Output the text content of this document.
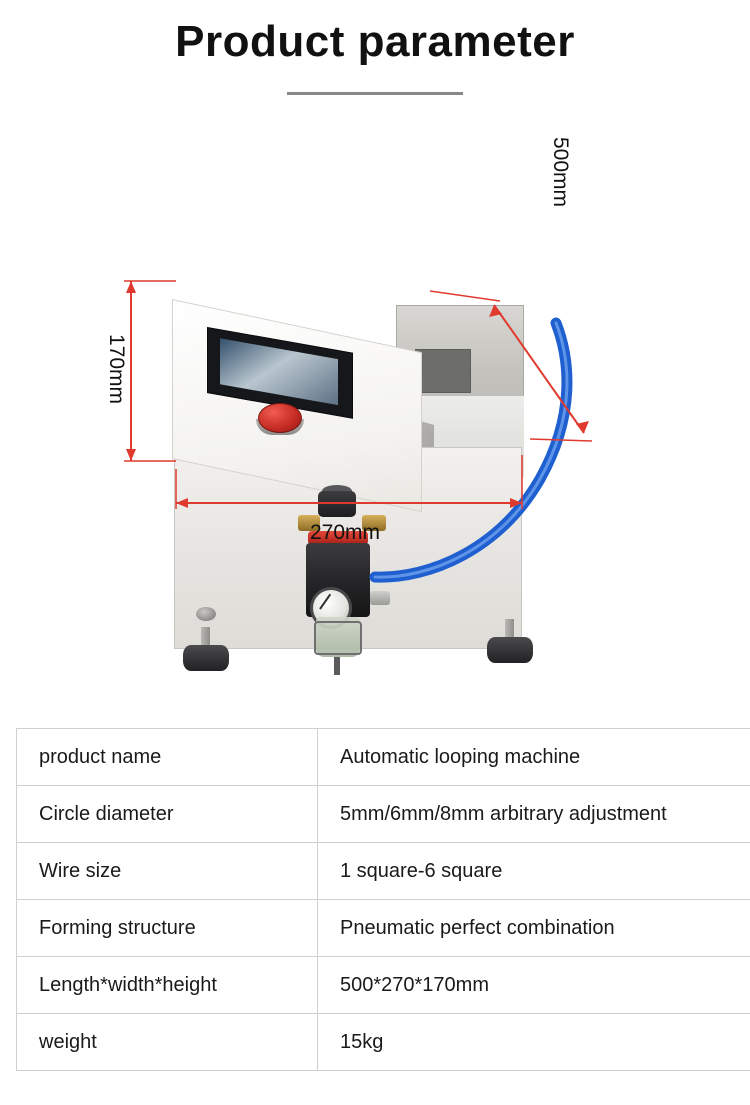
Product parameter
170mm
500mm
270mm
product name	Automatic looping machine
Circle diameter	5mm/6mm/8mm arbitrary adjustment
Wire size	1 square-6 square
Forming structure	Pneumatic perfect combination
Length*width*height	500*270*170mm
weight	15kg
